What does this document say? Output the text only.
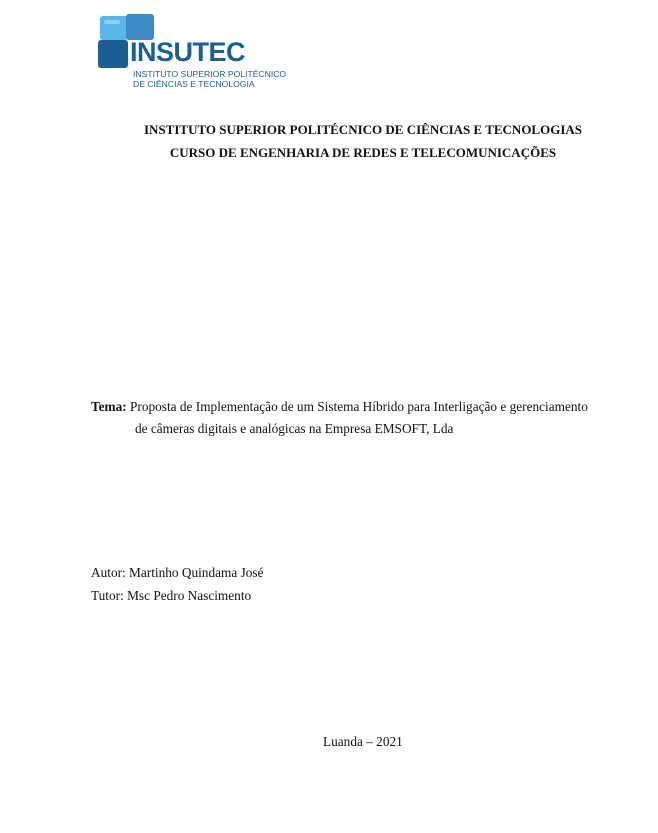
INSUTEC
INSTITUTO SUPERIOR POLITÉCNICO
DE CIÊNCIAS E TECNOLOGIA
INSTITUTO SUPERIOR POLITÉCNICO DE CIÊNCIAS E TECNOLOGIAS
CURSO DE ENGENHARIA DE REDES E TELECOMUNICAÇÕES
Tema: Proposta de Implementação de um Sistema Híbrido para Interligação e gerenciamento
de câmeras digitais e analógicas na Empresa EMSOFT, Lda
Autor: Martinho Quindama José
Tutor: Msc Pedro Nascimento
Luanda – 2021
